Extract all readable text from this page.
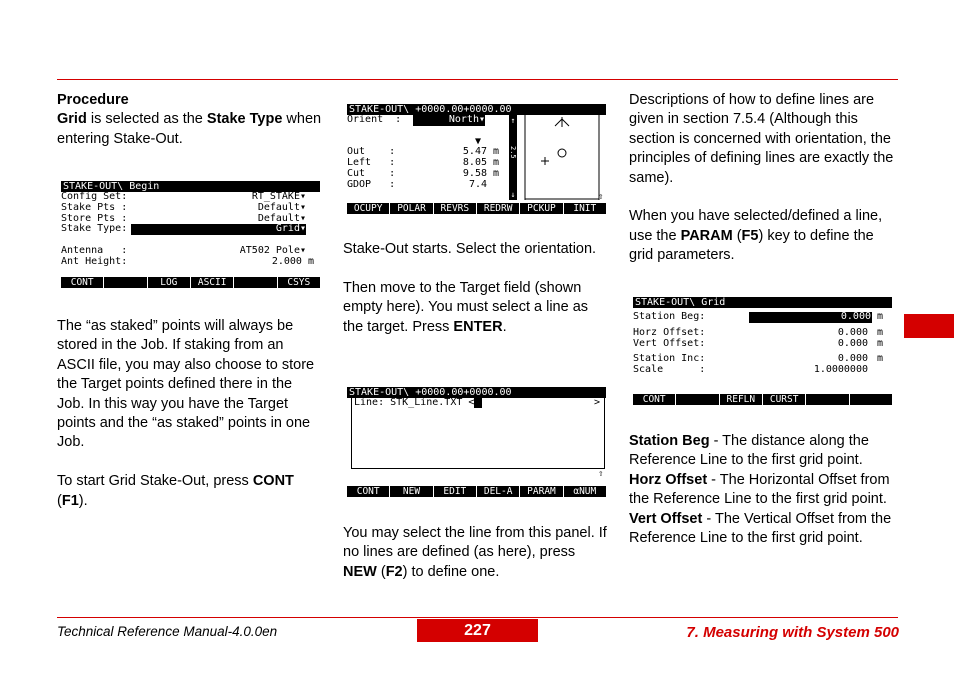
Procedure

Grid is selected as the Stake Type when entering Stake-Out.

STAKE-OUT\ Begin
Config Set:	RT_STAKE▾
Stake Pts :	Default▾
Store Pts :	Default▾
Stake Type:	Grid▾
Antenna   :	AT502 Pole▾
Ant Height:	2.000 m
CONT	LOG	ASCII	CSYS

The “as staked” points will always be stored in the Job. If staking from an ASCII file, you may also choose to store the Target points defined there in the Job. In this way you have the Target points and the “as staked” points in one Job.

To start Grid Stake-Out, press CONT (F1).

STAKE-OUT\ +0000.00+0000.00
Orient  :	North▾
▼
Out    :	5.47 m
Left   :	8.05 m
Cut    :	9.58 m
GDOP   :	7.4
↑
↓
2.5
⇧
OCUPY	POLAR	REVRS	REDRW	PCKUP	INIT

Stake-Out starts. Select the orientation.

Then move to the Target field (shown empty here). You must select a line as the target. Press ENTER.

STAKE-OUT\ +0000.00+0000.00
Line: STK_Line.TXT <	>
⇧
CONT	NEW	EDIT	DEL-A	PARAM	αNUM

You may select the line from this panel. If no lines are defined (as here), press NEW (F2) to define one.

Descriptions of how to define lines are given in section 7.5.4 (Although this section is concerned with orientation, the principles of defining lines are exactly the same).

When you have selected/defined a line, use the PARAM (F5) key to define the grid parameters.

STAKE-OUT\ Grid
Station Beg:	0.000 m
Horz Offset:	0.000 m
Vert Offset:	0.000 m
Station Inc:	0.000 m
Scale      :	1.0000000
CONT	REFLN	CURST

Station Beg - The distance along the Reference Line to the first grid point.

Horz Offset - The Horizontal Offset from the Reference Line to the first grid point.

Vert Offset - The Vertical Offset from the Reference Line to the first grid point.

Technical Reference Manual-4.0.0en	227	7. Measuring with System 500
